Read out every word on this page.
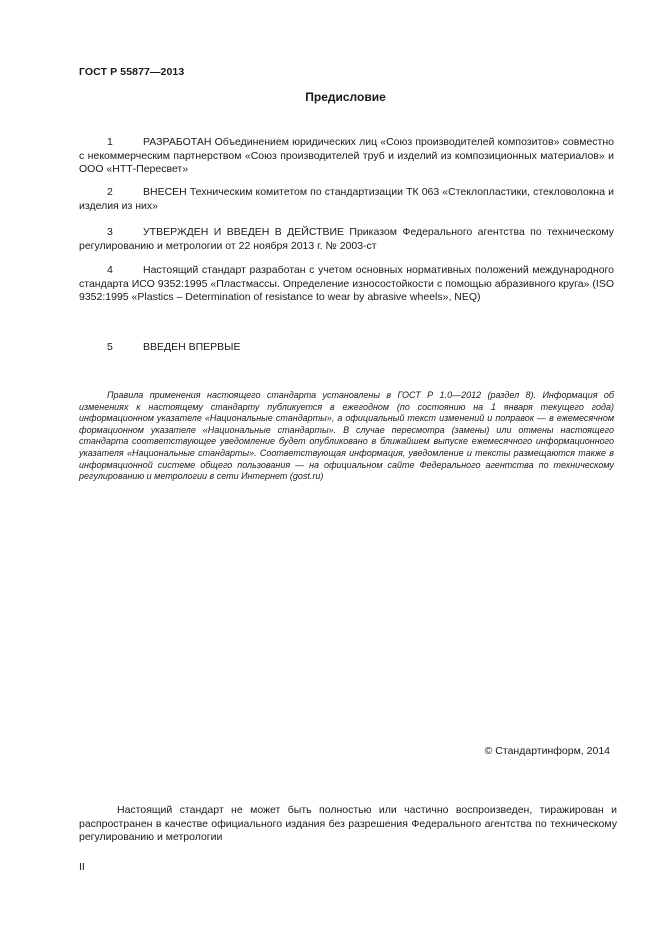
ГОСТ Р 55877—2013
Предисловие
1	РАЗРАБОТАН Объединением юридических лиц «Союз производителей композитов» совместно с некоммерческим партнерством «Союз производителей труб и изделий из композиционных материалов» и ООО «НТТ-Пересвет»
2	ВНЕСЕН Техническим комитетом по стандартизации ТК 063 «Стеклопластики, стекловолокна и изделия из них»
3	УТВЕРЖДЕН И ВВЕДЕН В ДЕЙСТВИЕ Приказом Федерального агентства по техническому регулированию и метрологии от 22 ноября 2013 г. № 2003-ст
4	Настоящий стандарт разработан с учетом основных нормативных положений международного стандарта ИСО 9352:1995 «Пластмассы. Определение износостойкости с помощью абразивного круга» (ISO 9352:1995 «Plastics – Determination of resistance to wear by abrasive wheels», NEQ)
5	ВВЕДЕН ВПЕРВЫЕ
Правила применения настоящего стандарта установлены в ГОСТ Р 1.0—2012 (раздел 8). Информация об изменениях к настоящему стандарту публикуется в ежегодном (по состоянию на 1 января текущего года) информационном указателе «Национальные стандарты», а официальный текст изменений и поправок — в ежемесячном формационном указателе «Национальные стандарты». В случае пересмотра (замены) или отмены настоящего стандарта соответствующее уведомление будет опубликовано в ближайшем выпуске ежемесячного информационного указателя «Национальные стандарты». Соответствующая информация, уведомление и тексты размещаются также в информационной системе общего пользования — на официальном сайте Федерального агентства по техническому регулированию и метрологии в сети Интернет (gost.ru)
© Стандартинформ, 2014
Настоящий стандарт не может быть полностью или частично воспроизведен, тиражирован и распространен в качестве официального издания без разрешения Федерального агентства по техническому регулированию и метрологии
II
